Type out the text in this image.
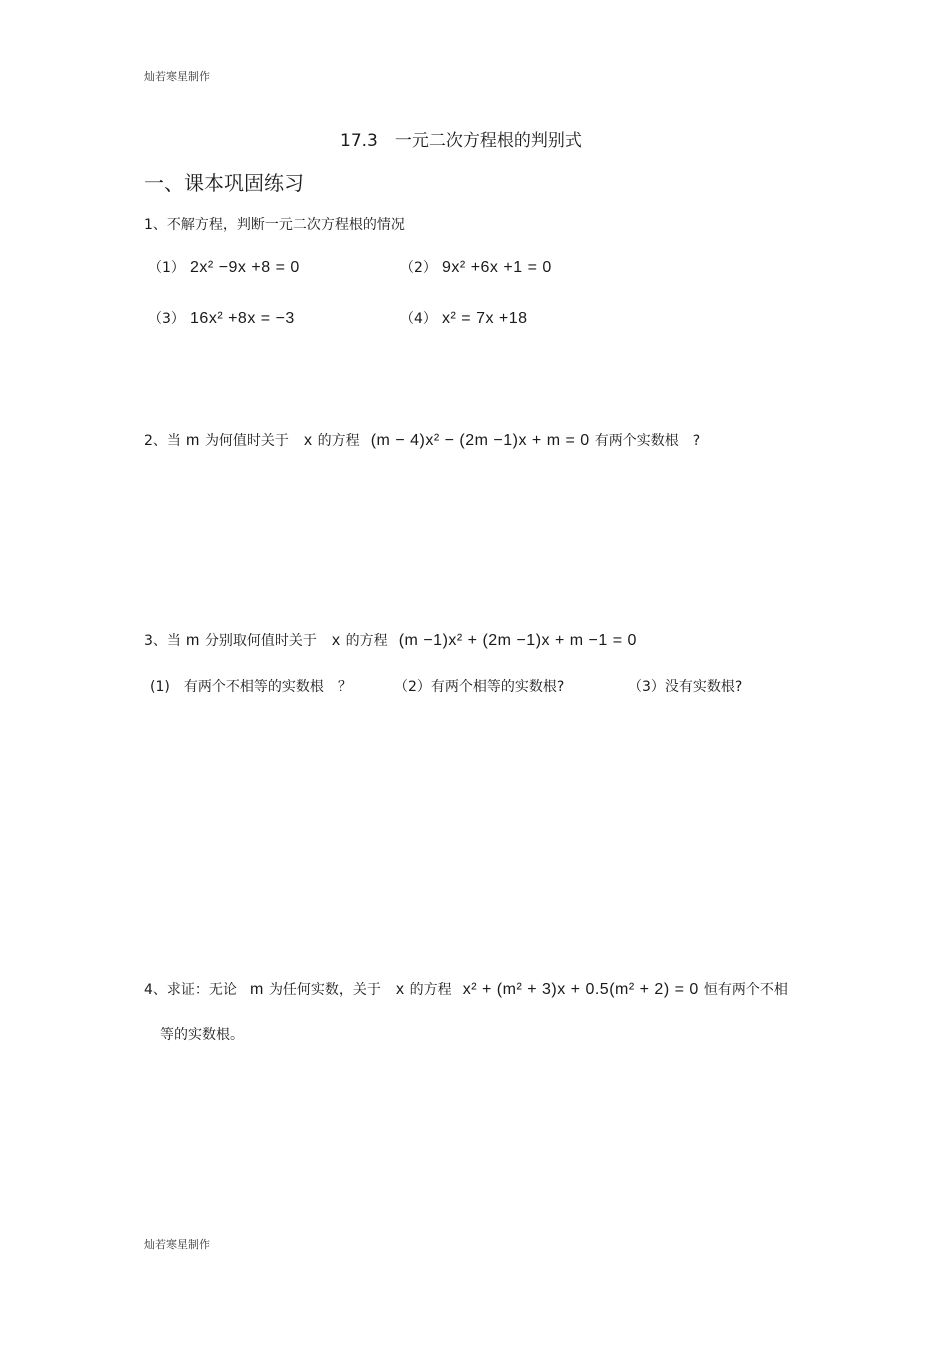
灿若寒星制作
17.3　一元二次方程根的判别式
一、课本巩固练习
1、不解方程，判断一元二次方程根的情况
（1） 2x² −9x +8 = 0	（2） 9x² +6x +1 = 0
（3） 16x² +8x = −3	（4） x² = 7x +18
2、当 m 为何值时关于 x 的方程 (m − 4)x² − (2m −1)x + m = 0 有两个实数根　?
3、当 m 分别取何值时关于 x 的方程 (m −1)x² + (2m −1)x + m −1 = 0
(1)　有两个不相等的实数根　？	（2）有两个相等的实数根?	（3）没有实数根?
4、求证：无论 m 为任何实数，关于 x 的方程 x² + (m² + 3)x + 0.5(m² + 2) = 0 恒有两个不相
等的实数根。
灿若寒星制作
